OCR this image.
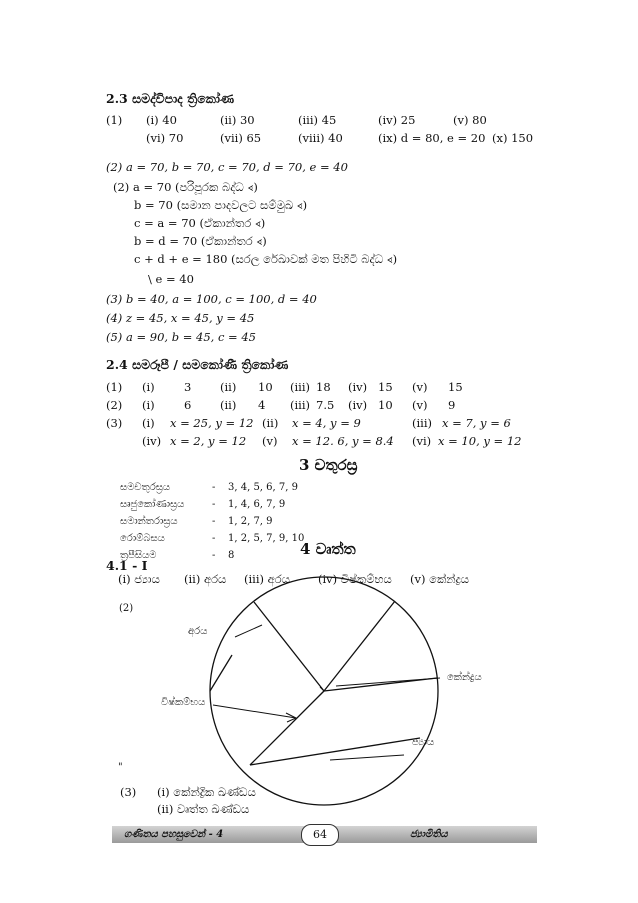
2.3 සමද්විපාද ත්‍රිකෝණ
(1) (i) 40	(ii) 30	(iii) 45	(iv) 25	(v) 80
(vi) 70	(vii) 65	(viii) 40	(ix) d = 80, e = 20 (x) 150
(2) a = 70, b = 70, c = 70, d = 70, e = 40
(2) a = 70 (පරිපූරක බද්ධ ∢)
b = 70 (සමාන පාදවලට සම්මුඛ ∢)
c = a = 70 (ඒකාන්තර ∢)
b = d = 70 (ඒකාන්තර ∢)
c + d + e = 180 (සරල රේඛාවක් මත පිහිටි බද්ධ ∢)
\ e = 40
(3) b = 40, a = 100, c = 100, d = 40
(4) z = 45, x = 45, y = 45
(5) a = 90, b = 45, c = 45
2.4 සමරූපී / සමකෝණී ත්‍රිකෝණ
(1) (i)	3 (ii) 10 (iii) 18 (iv) 15 (v) 15
(2) (i)	6 (ii) 4 (iii) 7.5 (iv) 10 (v) 9
(3) (i) x = 25, y = 12 (ii) x = 4, y = 9	(iii) x = 7, y = 6
(iv) x = 2, y = 12 (v) x = 12. 6, y = 8.4 (vi) x = 10, y = 12
3 චතුරස්‍ර
සමචතුරස්‍රය	- 3, 4, 5, 6, 7, 9
සෘජුකෝණාස්‍රය	- 1, 4, 6, 7, 9
සමාන්තරාස්‍රය	- 1, 2, 7, 9
රොම්බසය	- 1, 2, 5, 7, 9, 10
ත්‍රපීසියම	- 8	4 වෘත්ත
4.1 - I
(i) ජ්‍යාය (ii) අරය (iii) අරය (iv) විෂ්කම්භය (v) කේන්ද්‍රය
(2)
අරය
කේන්ද්‍රය
විෂ්කම්භය
ජ්‍යාය
"
(3) (i) කේන්ද්‍රික ඛණ්ඩය
(ii) වෘත්ත ඛණ්ඩය
ගණිතය පහසුවෙන් - 4	64	ජ්‍යාමිතිය
